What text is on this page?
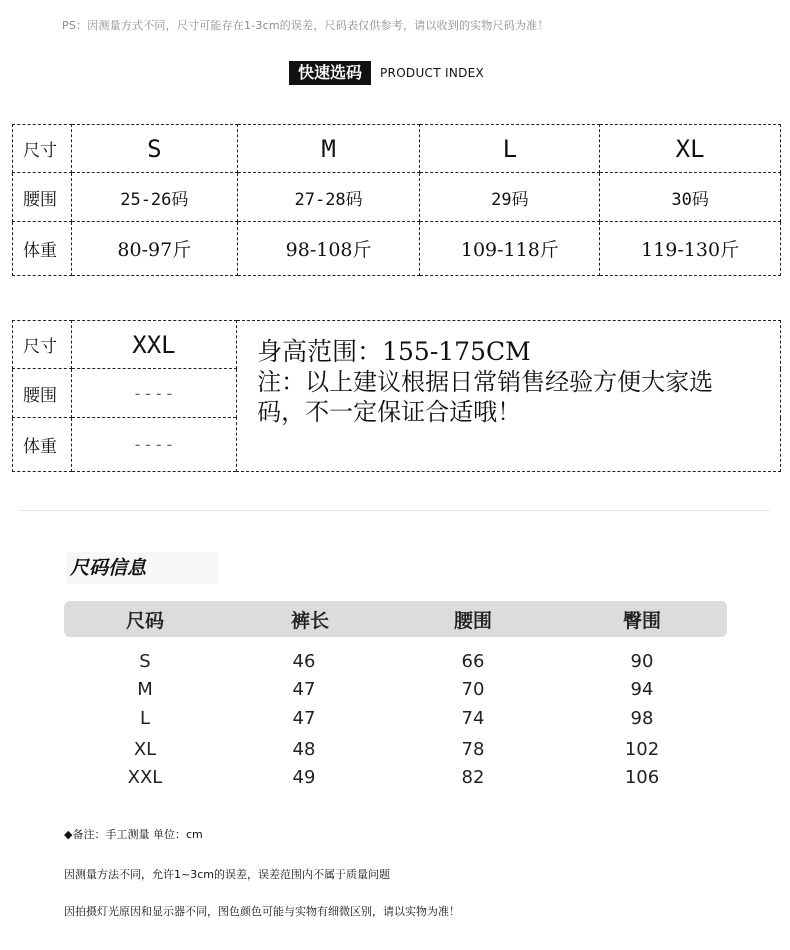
PS：因测量方式不同，尺寸可能存在1-3cm的误差，尺码表仅供参考，请以收到的实物尺码为准！
快速选码	PRODUCT INDEX
尺寸	S	M	L	XL
腰围	25-26码	27-28码	29码	30码
体重	80-97斤	98-108斤	109-118斤	119-130斤
尺寸	XXL	身高范围：155-175CM
注：以上建议根据日常销售经验方便大家选码，不一定保证合适哦！

腰围	----	
体重	----	
尺码信息
尺码	裤长	腰围	臀围
S	46	66	90
M	47	70	94
L	47	74	98
XL	48	78	102
XXL	49	82	106
◆备注：手工测量 单位：cm
因测量方法不同，允许1~3cm的误差，误差范围内不属于质量问题
因拍摄灯光原因和显示器不同，图色颜色可能与实物有细微区别，请以实物为准！
